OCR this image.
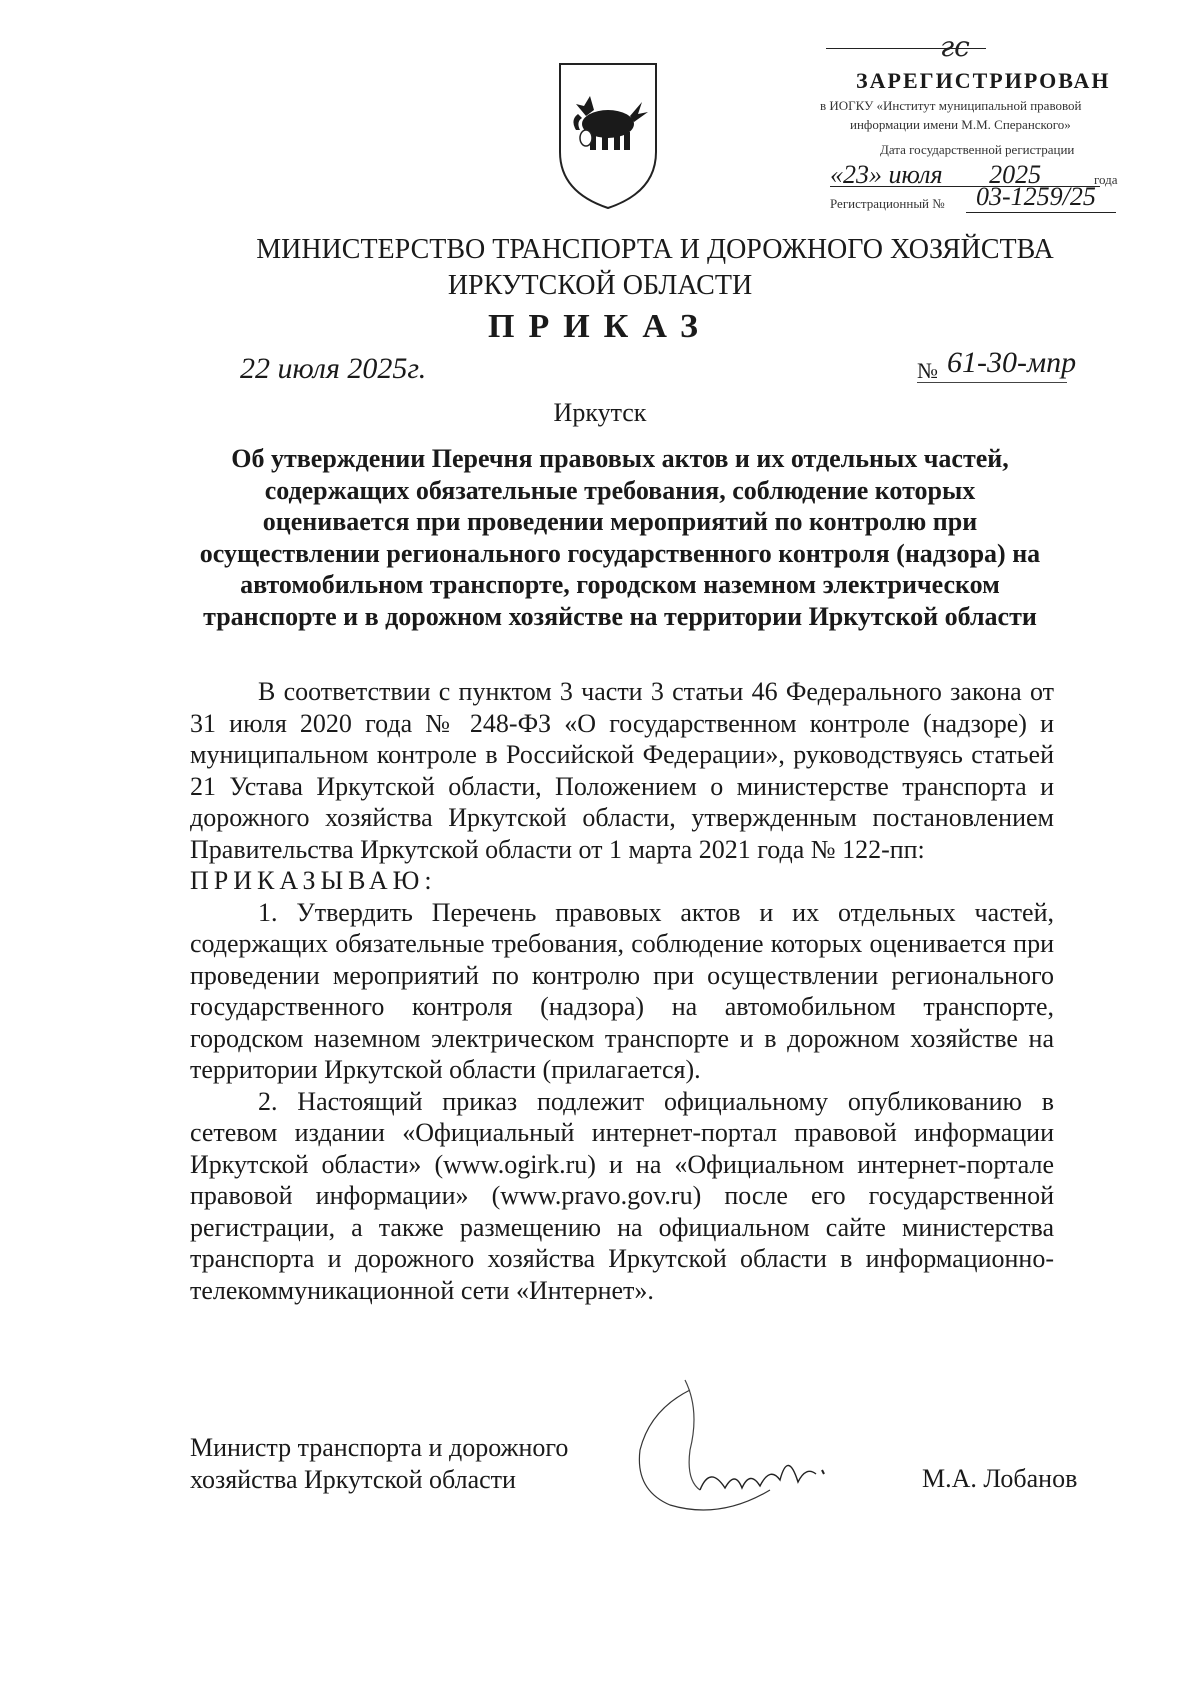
гс
ЗАРЕГИСТРИРОВАН
в ИОГКУ «Институт муниципальной правовой
информации имени М.М. Сперанского»
Дата государственной регистрации
«23» июля 2025	года
Регистрационный № 03-1259/25
МИНИСТЕРСТВО ТРАНСПОРТА И ДОРОЖНОГО ХОЗЯЙСТВА
ИРКУТСКОЙ ОБЛАСТИ
ПРИКАЗ
22 июля 2025г.	№ 61-30-мпр
Иркутск
Об утверждении Перечня правовых актов и их отдельных частей, содержащих обязательные требования, соблюдение которых оценивается при проведении мероприятий по контролю при осуществлении регионального государственного контроля (надзора) на автомобильном транспорте, городском наземном электрическом транспорте и в дорожном хозяйстве на территории Иркутской области

В соответствии с пунктом 3 части 3 статьи 46 Федерального закона от 31 июля 2020 года № 248-ФЗ «О государственном контроле (надзоре) и муниципальном контроле в Российской Федерации», руководствуясь статьей 21 Устава Иркутской области, Положением о министерстве транспорта и дорожного хозяйства Иркутской области, утвержденным постановлением Правительства Иркутской области от 1 марта 2021 года № 122-пп:

ПРИКАЗЫВАЮ:

1. Утвердить Перечень правовых актов и их отдельных частей, содержащих обязательные требования, соблюдение которых оценивается при проведении мероприятий по контролю при осуществлении регионального государственного контроля (надзора) на автомобильном транспорте, городском наземном электрическом транспорте и в дорожном хозяйстве на территории Иркутской области (прилагается).

2. Настоящий приказ подлежит официальному опубликованию в сетевом издании «Официальный интернет-портал правовой информации Иркутской области» (www.ogirk.ru) и на «Официальном интернет-портале правовой информации» (www.pravo.gov.ru) после его государственной регистрации, а также размещению на официальном сайте министерства транспорта и дорожного хозяйства Иркутской области в информационно-телекоммуникационной сети «Интернет».

Министр транспорта и дорожного
хозяйства Иркутской области	М.А. Лобанов
